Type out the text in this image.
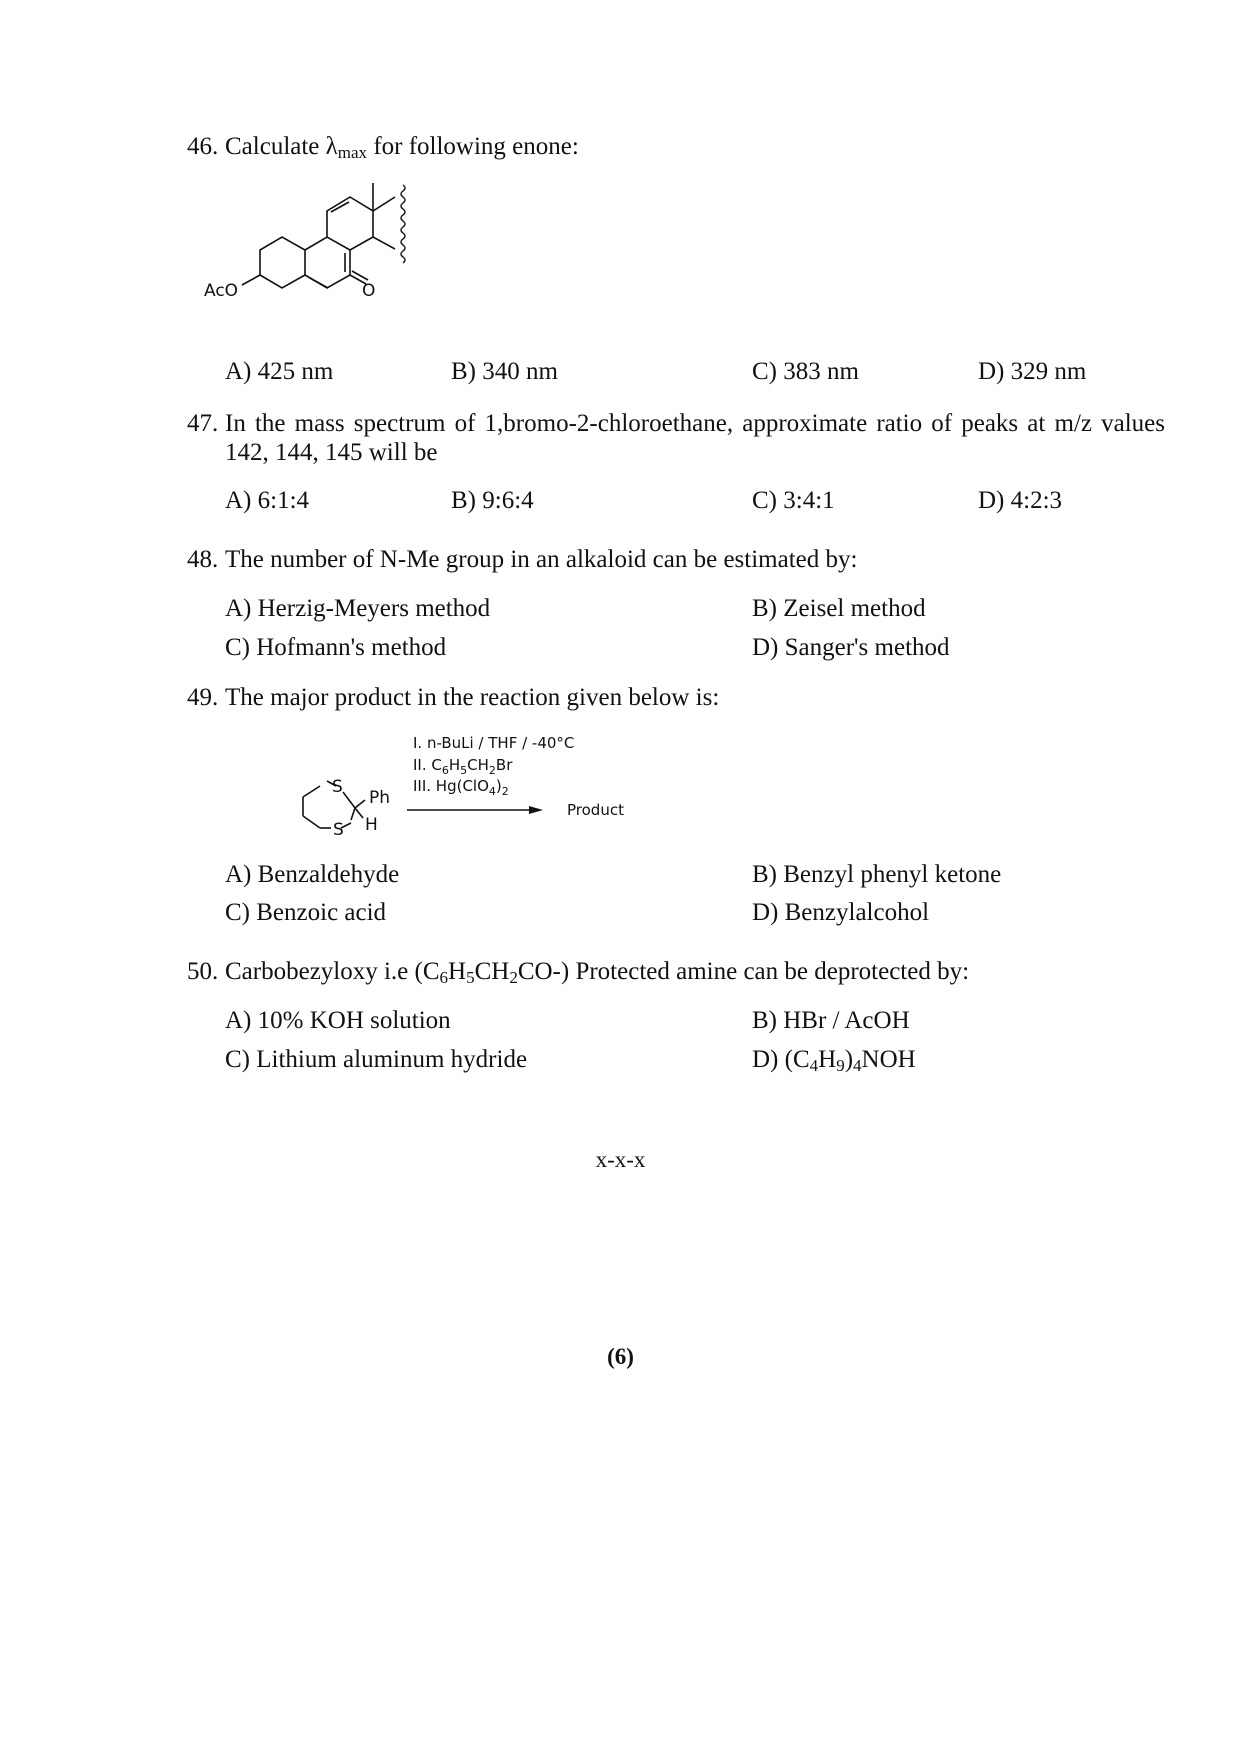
46. Calculate $\lambda_{max}$ for following enone:
AcO	O
A) 425 nm	B) 340 nm	C) 383 nm	D) 329 nm
47. In the mass spectrum of 1,bromo-2-chloroethane, approximate ratio of peaks at m/z values
142, 144, 145 will be
A) 6:1:4	B) 9:6:4	C) 3:4:1	D) 4:2:3
48. The number of N-Me group in an alkaloid can be estimated by:
A) Herzig-Meyers method	B) Zeisel method
C) Hofmann's method	D) Sanger's method
49. The major product in the reaction given below is:
S
S
Ph
H
I. n-BuLi / THF / -40°C
II. $C_6H_5CH_2Br$
III. $Hg(ClO_4)_2$
Product
A) Benzaldehyde	B) Benzyl phenyl ketone
C) Benzoic acid	D) Benzylalcohol
50. Carbobezyloxy i.e $(C_6H_5CH_2CO-)$ Protected amine can be deprotected by:
A) 10% KOH solution	B) HBr / AcOH
C) Lithium aluminum hydride	D) $(C_4H_9)_4NOH$
x-x-x
(6)
